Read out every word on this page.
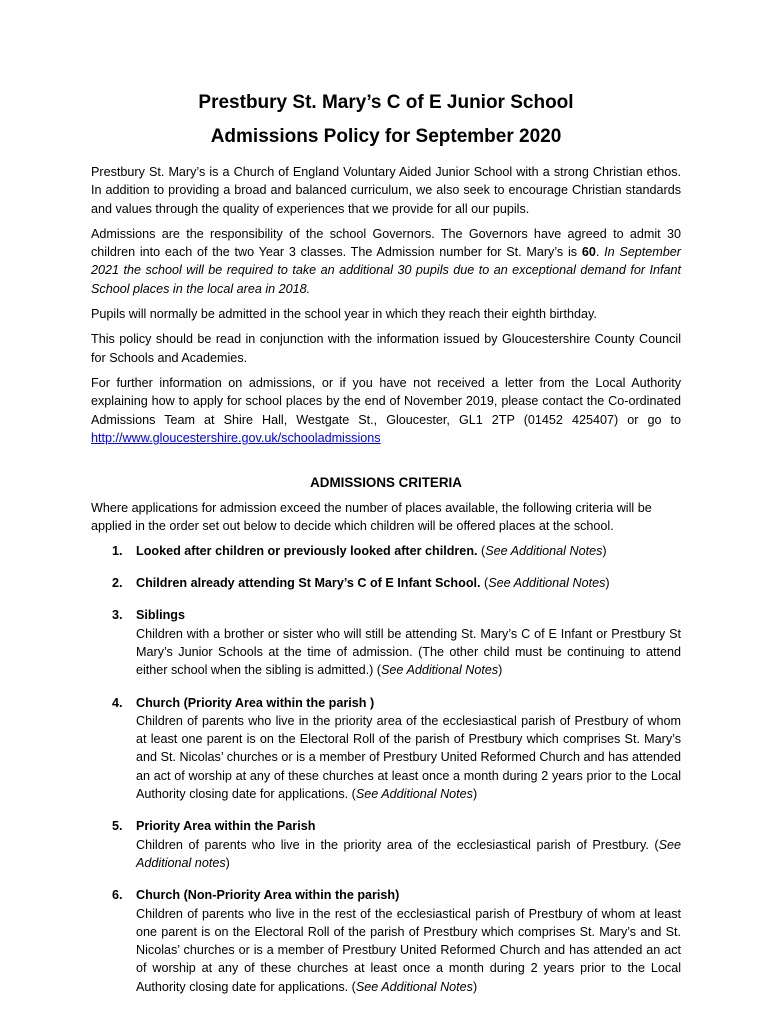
Prestbury St. Mary’s C of E Junior School
Admissions Policy for September 2020

Prestbury St. Mary’s is a Church of England Voluntary Aided Junior School with a strong Christian ethos. In addition to providing a broad and balanced curriculum, we also seek to encourage Christian standards and values through the quality of experiences that we provide for all our pupils.

Admissions are the responsibility of the school Governors. The Governors have agreed to admit 30 children into each of the two Year 3 classes. The Admission number for St. Mary’s is 60. In September 2021 the school will be required to take an additional 30 pupils due to an exceptional demand for Infant School places in the local area in 2018.

Pupils will normally be admitted in the school year in which they reach their eighth birthday.

This policy should be read in conjunction with the information issued by Gloucestershire County Council for Schools and Academies.

For further information on admissions, or if you have not received a letter from the Local Authority explaining how to apply for school places by the end of November 2019, please contact the Co-ordinated Admissions Team at Shire Hall, Westgate St., Gloucester, GL1 2TP (01452 425407) or go to http://www.gloucestershire.gov.uk/schooladmissions

ADMISSIONS CRITERIA

Where applications for admission exceed the number of places available, the following criteria will be applied in the order set out below to decide which children will be offered places at the school.

1. Looked after children or previously looked after children. (See Additional Notes)
2. Children already attending St Mary’s C of E Infant School. (See Additional Notes)
3. Siblings
Children with a brother or sister who will still be attending St. Mary’s C of E Infant or Prestbury St Mary’s Junior Schools at the time of admission. (The other child must be continuing to attend either school when the sibling is admitted.) (See Additional Notes)
4. Church (Priority Area within the parish )
Children of parents who live in the priority area of the ecclesiastical parish of Prestbury of whom at least one parent is on the Electoral Roll of the parish of Prestbury which comprises St. Mary’s and St. Nicolas’ churches or is a member of Prestbury United Reformed Church and has attended an act of worship at any of these churches at least once a month during 2 years prior to the Local Authority closing date for applications. (See Additional Notes)
5. Priority Area within the Parish
Children of parents who live in the priority area of the ecclesiastical parish of Prestbury. (See Additional notes)
6. Church (Non-Priority Area within the parish)
Children of parents who live in the rest of the ecclesiastical parish of Prestbury of whom at least one parent is on the Electoral Roll of the parish of Prestbury which comprises St. Mary’s and St. Nicolas’ churches or is a member of Prestbury United Reformed Church and has attended an act of worship at any of these churches at least once a month during 2 years prior to the Local Authority closing date for applications. (See Additional Notes)
